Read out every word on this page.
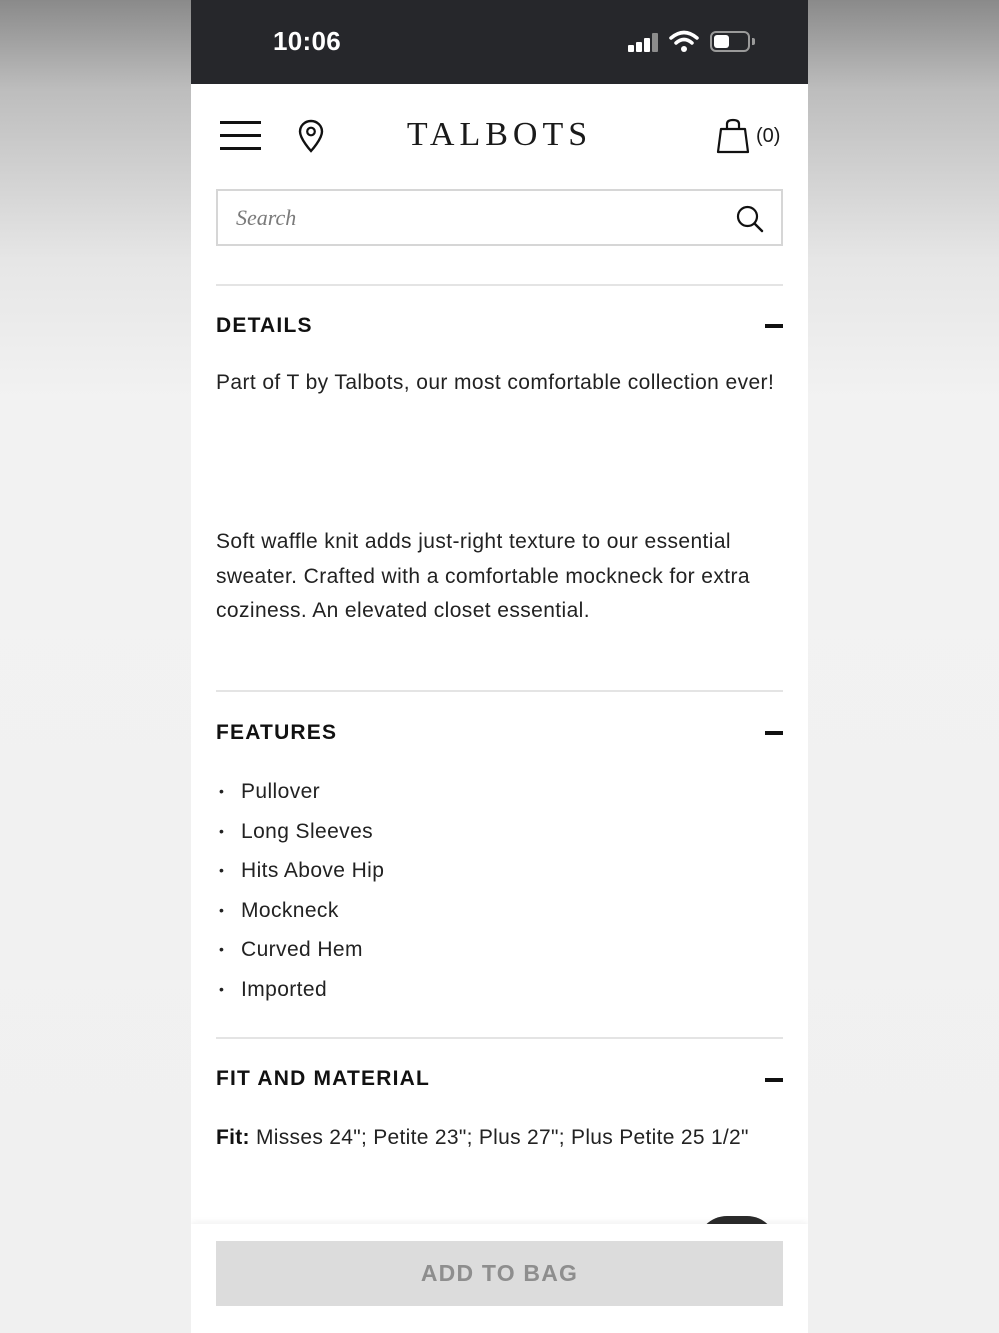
10:06
TALBOTS	(0)
Search
DETAILS
Part of T by Talbots, our most comfortable collection ever!
Soft waffle knit adds just-right texture to our essential sweater. Crafted with a comfortable mockneck for extra coziness. An elevated closet essential.
FEATURES
• Pullover
• Long Sleeves
• Hits Above Hip
• Mockneck
• Curved Hem
• Imported
FIT AND MATERIAL
Fit: Misses 24"; Petite 23"; Plus 27"; Plus Petite 25 1/2"
ADD TO BAG
